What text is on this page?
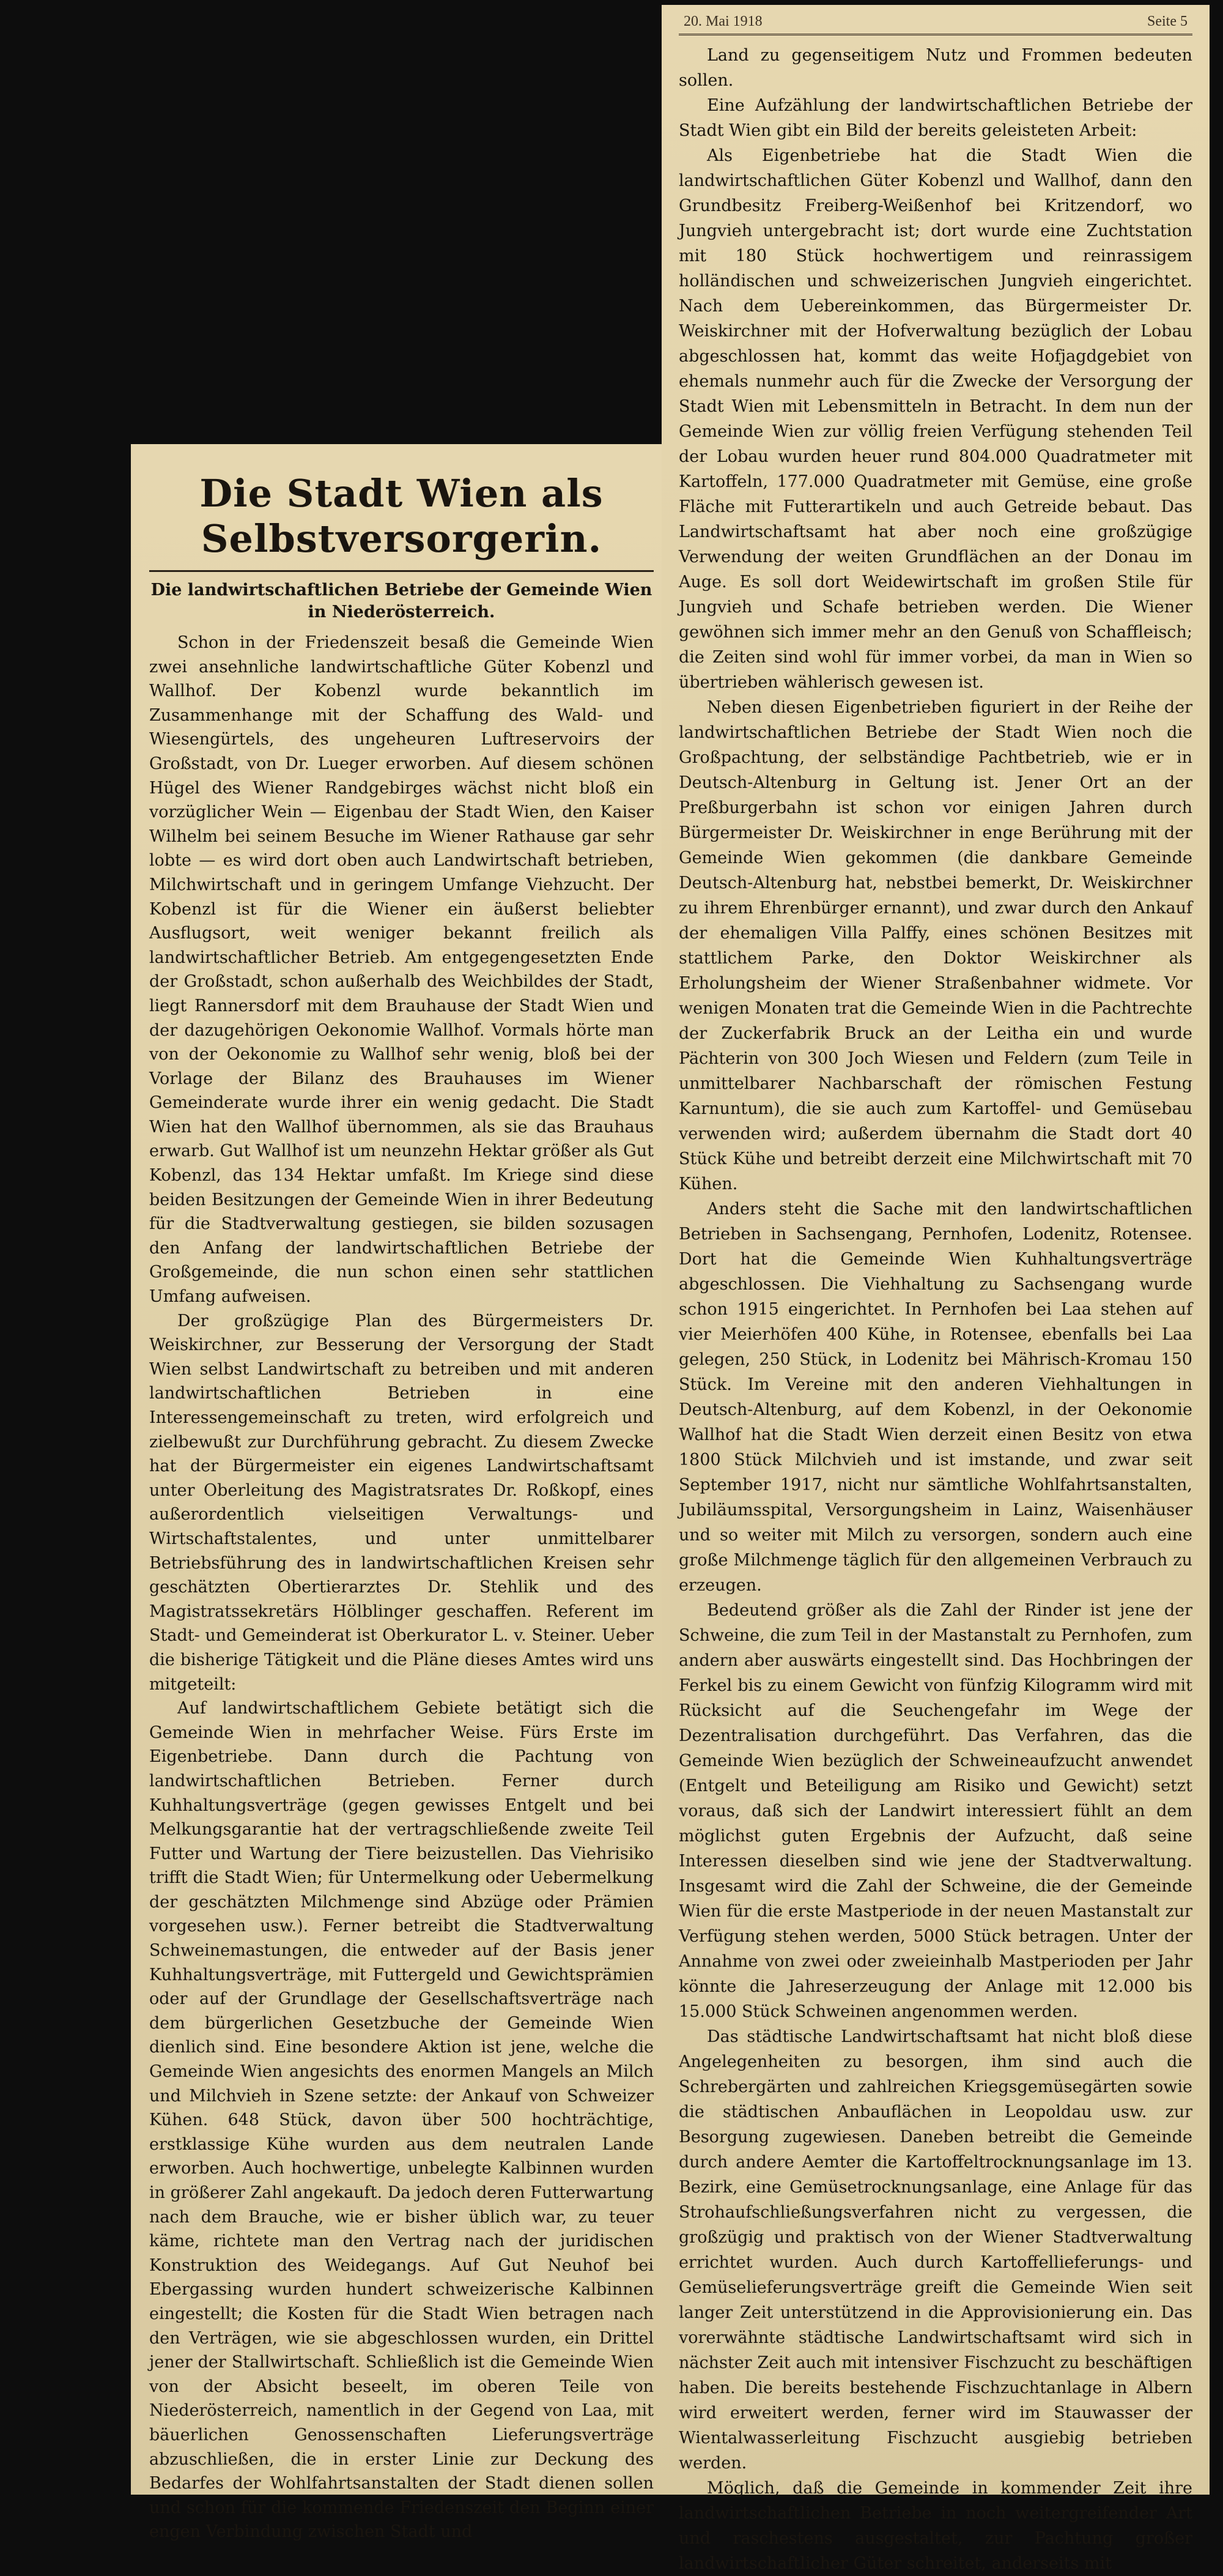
Die Stadt Wien als Selbstversorgerin.
Die landwirtschaftlichen Betriebe der Gemeinde Wien in Niederösterreich.

Schon in der Friedenszeit besaß die Gemeinde Wien zwei ansehnliche landwirtschaftliche Güter Kobenzl und Wallhof. Der Kobenzl wurde bekanntlich im Zusammenhange mit der Schaffung des Wald- und Wiesengürtels, des ungeheuren Luftreservoirs der Großstadt, von Dr. Lueger erworben. Auf diesem schönen Hügel des Wiener Randgebirges wächst nicht bloß ein vorzüglicher Wein — Eigenbau der Stadt Wien, den Kaiser Wilhelm bei seinem Besuche im Wiener Rathause gar sehr lobte — es wird dort oben auch Landwirtschaft betrieben, Milchwirtschaft und in geringem Umfange Viehzucht. Der Kobenzl ist für die Wiener ein äußerst beliebter Ausflugsort, weit weniger bekannt freilich als landwirtschaftlicher Betrieb. Am entgegengesetzten Ende der Großstadt, schon außerhalb des Weichbildes der Stadt, liegt Rannersdorf mit dem Brauhause der Stadt Wien und der dazugehörigen Oekonomie Wallhof. Vormals hörte man von der Oekonomie zu Wallhof sehr wenig, bloß bei der Vorlage der Bilanz des Brauhauses im Wiener Gemeinderate wurde ihrer ein wenig gedacht. Die Stadt Wien hat den Wallhof übernommen, als sie das Brauhaus erwarb. Gut Wallhof ist um neunzehn Hektar größer als Gut Kobenzl, das 134 Hektar umfaßt. Im Kriege sind diese beiden Besitzungen der Gemeinde Wien in ihrer Bedeutung für die Stadtverwaltung gestiegen, sie bilden sozusagen den Anfang der landwirtschaftlichen Betriebe der Großgemeinde, die nun schon einen sehr stattlichen Umfang aufweisen.

Der großzügige Plan des Bürgermeisters Dr. Weiskirchner, zur Besserung der Versorgung der Stadt Wien selbst Landwirtschaft zu betreiben und mit anderen landwirtschaftlichen Betrieben in eine Interessengemeinschaft zu treten, wird erfolgreich und zielbewußt zur Durchführung gebracht. Zu diesem Zwecke hat der Bürgermeister ein eigenes Landwirtschaftsamt unter Oberleitung des Magistratsrates Dr. Roßkopf, eines außerordentlich vielseitigen Verwaltungs- und Wirtschaftstalentes, und unter unmittelbarer Betriebsführung des in landwirtschaftlichen Kreisen sehr geschätzten Obertierarztes Dr. Stehlik und des Magistratssekretärs Hölblinger geschaffen. Referent im Stadt- und Gemeinderat ist Oberkurator L. v. Steiner. Ueber die bisherige Tätigkeit und die Pläne dieses Amtes wird uns mitgeteilt:

Auf landwirtschaftlichem Gebiete betätigt sich die Gemeinde Wien in mehrfacher Weise. Fürs Erste im Eigenbetriebe. Dann durch die Pachtung von landwirtschaftlichen Betrieben. Ferner durch Kuhhaltungsverträge (gegen gewisses Entgelt und bei Melkungsgarantie hat der vertragschließende zweite Teil Futter und Wartung der Tiere beizustellen. Das Viehrisiko trifft die Stadt Wien; für Untermelkung oder Uebermelkung der geschätzten Milchmenge sind Abzüge oder Prämien vorgesehen usw.). Ferner betreibt die Stadtverwaltung Schweinemastungen, die entweder auf der Basis jener Kuhhaltungsverträge, mit Futtergeld und Gewichtsprämien oder auf der Grundlage der Gesellschaftsverträge nach dem bürgerlichen Gesetzbuche der Gemeinde Wien dienlich sind. Eine besondere Aktion ist jene, welche die Gemeinde Wien angesichts des enormen Mangels an Milch und Milchvieh in Szene setzte: der Ankauf von Schweizer Kühen. 648 Stück, davon über 500 hochträchtige, erstklassige Kühe wurden aus dem neutralen Lande erworben. Auch hochwertige, unbelegte Kalbinnen wurden in größerer Zahl angekauft. Da jedoch deren Futterwartung nach dem Brauche, wie er bisher üblich war, zu teuer käme, richtete man den Vertrag nach der juridischen Konstruktion des Weidegangs. Auf Gut Neuhof bei Ebergassing wurden hundert schweizerische Kalbinnen eingestellt; die Kosten für die Stadt Wien betragen nach den Verträgen, wie sie abgeschlossen wurden, ein Drittel jener der Stallwirtschaft. Schließlich ist die Gemeinde Wien von der Absicht beseelt, im oberen Teile von Niederösterreich, namentlich in der Gegend von Laa, mit bäuerlichen Genossenschaften Lieferungsverträge abzuschließen, die in erster Linie zur Deckung des Bedarfes der Wohlfahrtsanstalten der Stadt dienen sollen und schon für die kommende Friedenszeit den Beginn einer engen Verbindung zwischen Stadt und

20. Mai 1918	Seite 5

Land zu gegenseitigem Nutz und Frommen bedeuten sollen.

Eine Aufzählung der landwirtschaftlichen Betriebe der Stadt Wien gibt ein Bild der bereits geleisteten Arbeit:

Als Eigenbetriebe hat die Stadt Wien die landwirtschaftlichen Güter Kobenzl und Wallhof, dann den Grundbesitz Freiberg-Weißenhof bei Kritzendorf, wo Jungvieh untergebracht ist; dort wurde eine Zuchtstation mit 180 Stück hochwertigem und reinrassigem holländischen und schweizerischen Jungvieh eingerichtet. Nach dem Uebereinkommen, das Bürgermeister Dr. Weiskirchner mit der Hofverwaltung bezüglich der Lobau abgeschlossen hat, kommt das weite Hofjagdgebiet von ehemals nunmehr auch für die Zwecke der Versorgung der Stadt Wien mit Lebensmitteln in Betracht. In dem nun der Gemeinde Wien zur völlig freien Verfügung stehenden Teil der Lobau wurden heuer rund 804.000 Quadratmeter mit Kartoffeln, 177.000 Quadratmeter mit Gemüse, eine große Fläche mit Futterartikeln und auch Getreide bebaut. Das Landwirtschaftsamt hat aber noch eine großzügige Verwendung der weiten Grundflächen an der Donau im Auge. Es soll dort Weidewirtschaft im großen Stile für Jungvieh und Schafe betrieben werden. Die Wiener gewöhnen sich immer mehr an den Genuß von Schaffleisch; die Zeiten sind wohl für immer vorbei, da man in Wien so übertrieben wählerisch gewesen ist.

Neben diesen Eigenbetrieben figuriert in der Reihe der landwirtschaftlichen Betriebe der Stadt Wien noch die Großpachtung, der selbständige Pachtbetrieb, wie er in Deutsch-Altenburg in Geltung ist. Jener Ort an der Preßburgerbahn ist schon vor einigen Jahren durch Bürgermeister Dr. Weiskirchner in enge Berührung mit der Gemeinde Wien gekommen (die dankbare Gemeinde Deutsch-Altenburg hat, nebstbei bemerkt, Dr. Weiskirchner zu ihrem Ehrenbürger ernannt), und zwar durch den Ankauf der ehemaligen Villa Palffy, eines schönen Besitzes mit stattlichem Parke, den Doktor Weiskirchner als Erholungsheim der Wiener Straßenbahner widmete. Vor wenigen Monaten trat die Gemeinde Wien in die Pachtrechte der Zuckerfabrik Bruck an der Leitha ein und wurde Pächterin von 300 Joch Wiesen und Feldern (zum Teile in unmittelbarer Nachbarschaft der römischen Festung Karnuntum), die sie auch zum Kartoffel- und Gemüsebau verwenden wird; außerdem übernahm die Stadt dort 40 Stück Kühe und betreibt derzeit eine Milchwirtschaft mit 70 Kühen.

Anders steht die Sache mit den landwirtschaftlichen Betrieben in Sachsengang, Pernhofen, Lodenitz, Rotensee. Dort hat die Gemeinde Wien Kuhhaltungsverträge abgeschlossen. Die Viehhaltung zu Sachsengang wurde schon 1915 eingerichtet. In Pernhofen bei Laa stehen auf vier Meierhöfen 400 Kühe, in Rotensee, ebenfalls bei Laa gelegen, 250 Stück, in Lodenitz bei Mährisch-Kromau 150 Stück. Im Vereine mit den anderen Viehhaltungen in Deutsch-Altenburg, auf dem Kobenzl, in der Oekonomie Wallhof hat die Stadt Wien derzeit einen Besitz von etwa 1800 Stück Milchvieh und ist imstande, und zwar seit September 1917, nicht nur sämtliche Wohlfahrtsanstalten, Jubiläumsspital, Versorgungsheim in Lainz, Waisenhäuser und so weiter mit Milch zu versorgen, sondern auch eine große Milchmenge täglich für den allgemeinen Verbrauch zu erzeugen.

Bedeutend größer als die Zahl der Rinder ist jene der Schweine, die zum Teil in der Mastanstalt zu Pernhofen, zum andern aber auswärts eingestellt sind. Das Hochbringen der Ferkel bis zu einem Gewicht von fünfzig Kilogramm wird mit Rücksicht auf die Seuchengefahr im Wege der Dezentralisation durchgeführt. Das Verfahren, das die Gemeinde Wien bezüglich der Schweineaufzucht anwendet (Entgelt und Beteiligung am Risiko und Gewicht) setzt voraus, daß sich der Landwirt interessiert fühlt an dem möglichst guten Ergebnis der Aufzucht, daß seine Interessen dieselben sind wie jene der Stadtverwaltung. Insgesamt wird die Zahl der Schweine, die der Gemeinde Wien für die erste Mastperiode in der neuen Mastanstalt zur Verfügung stehen werden, 5000 Stück betragen. Unter der Annahme von zwei oder zweieinhalb Mastperioden per Jahr könnte die Jahreserzeugung der Anlage mit 12.000 bis 15.000 Stück Schweinen angenommen werden.

Das städtische Landwirtschaftsamt hat nicht bloß diese Angelegenheiten zu besorgen, ihm sind auch die Schrebergärten und zahlreichen Kriegsgemüsegärten sowie die städtischen Anbauflächen in Leopoldau usw. zur Besorgung zugewiesen. Daneben betreibt die Gemeinde durch andere Aemter die Kartoffeltrocknungsanlage im 13. Bezirk, eine Gemüsetrocknungsanlage, eine Anlage für das Strohaufschließungsverfahren nicht zu vergessen, die großzügig und praktisch von der Wiener Stadtverwaltung errichtet wurden. Auch durch Kartoffellieferungs- und Gemüselieferungsverträge greift die Gemeinde Wien seit langer Zeit unterstützend in die Approvisionierung ein. Das vorerwähnte städtische Landwirtschaftsamt wird sich in nächster Zeit auch mit intensiver Fischzucht zu beschäftigen haben. Die bereits bestehende Fischzuchtanlage in Albern wird erweitert werden, ferner wird im Stauwasser der Wientalwasserleitung Fischzucht ausgiebig betrieben werden.

Möglich, daß die Gemeinde in kommender Zeit ihre landwirtschaftlichen Betriebe in noch weitergreifender Art und raschestens ausgestaltet, zur Pachtung großer landwirtschaftlicher Güter schreitet, anderseits mit
